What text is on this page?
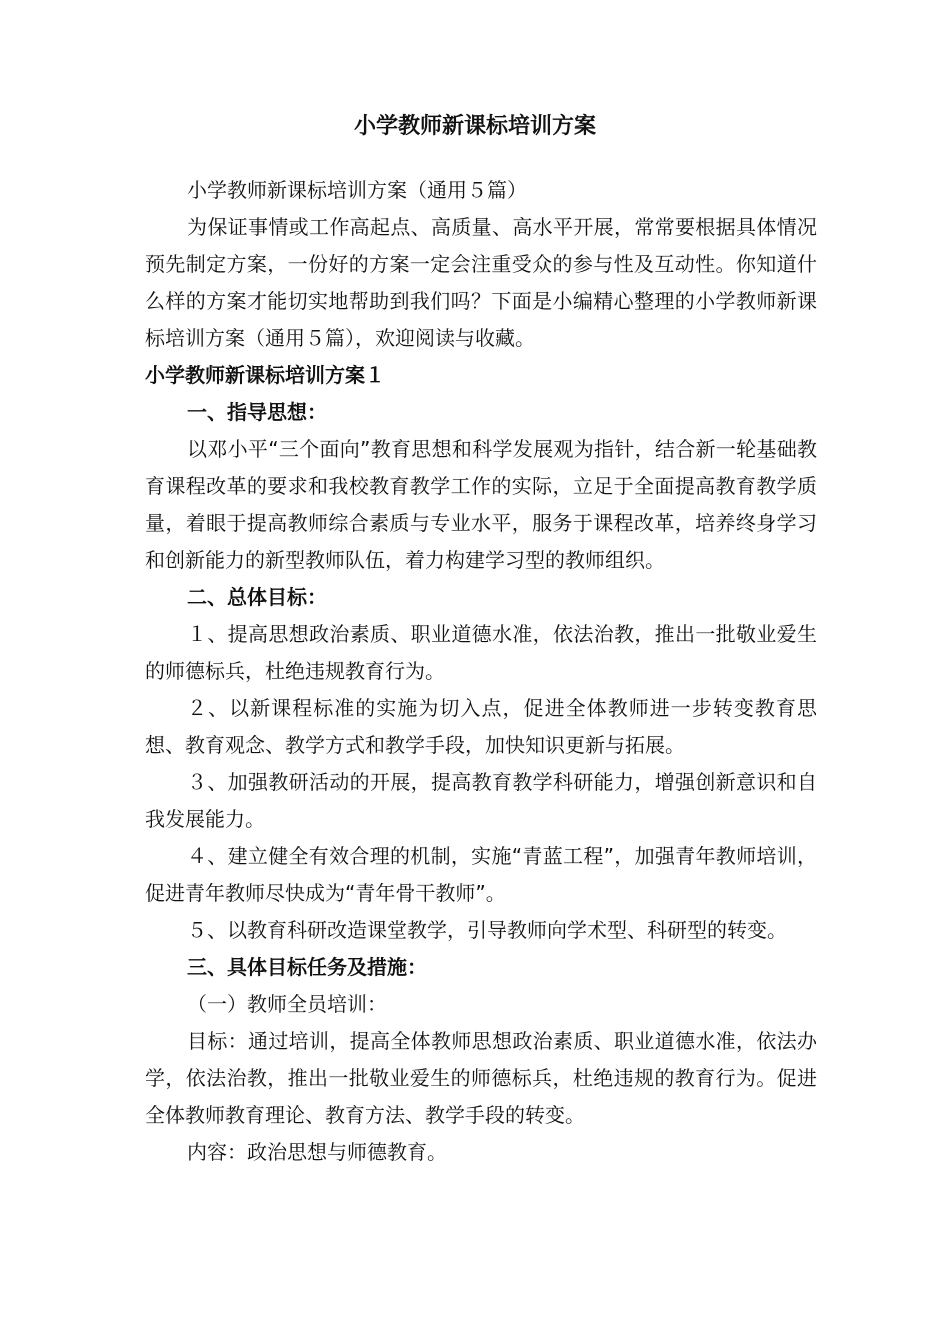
小学教师新课标培训方案

小学教师新课标培训方案（通用５篇）

为保证事情或工作高起点、高质量、高水平开展，常常要根据具体情况预先制定方案，一份好的方案一定会注重受众的参与性及互动性。你知道什么样的方案才能切实地帮助到我们吗？下面是小编精心整理的小学教师新课标培训方案（通用５篇），欢迎阅读与收藏。

小学教师新课标培训方案１

一、指导思想：

以邓小平“三个面向”教育思想和科学发展观为指针，结合新一轮基础教育课程改革的要求和我校教育教学工作的实际，立足于全面提高教育教学质量，着眼于提高教师综合素质与专业水平，服务于课程改革，培养终身学习和创新能力的新型教师队伍，着力构建学习型的教师组织。

二、总体目标：

１、提高思想政治素质、职业道德水准，依法治教，推出一批敬业爱生的师德标兵，杜绝违规教育行为。

２、以新课程标准的实施为切入点，促进全体教师进一步转变教育思想、教育观念、教学方式和教学手段，加快知识更新与拓展。

３、加强教研活动的开展，提高教育教学科研能力，增强创新意识和自我发展能力。

４、建立健全有效合理的机制，实施“青蓝工程”，加强青年教师培训，促进青年教师尽快成为“青年骨干教师”。

５、以教育科研改造课堂教学，引导教师向学术型、科研型的转变。

三、具体目标任务及措施：

（一）教师全员培训：

目标：通过培训，提高全体教师思想政治素质、职业道德水准，依法办学，依法治教，推出一批敬业爱生的师德标兵，杜绝违规的教育行为。促进全体教师教育理论、教育方法、教学手段的转变。

内容：政治思想与师德教育。
